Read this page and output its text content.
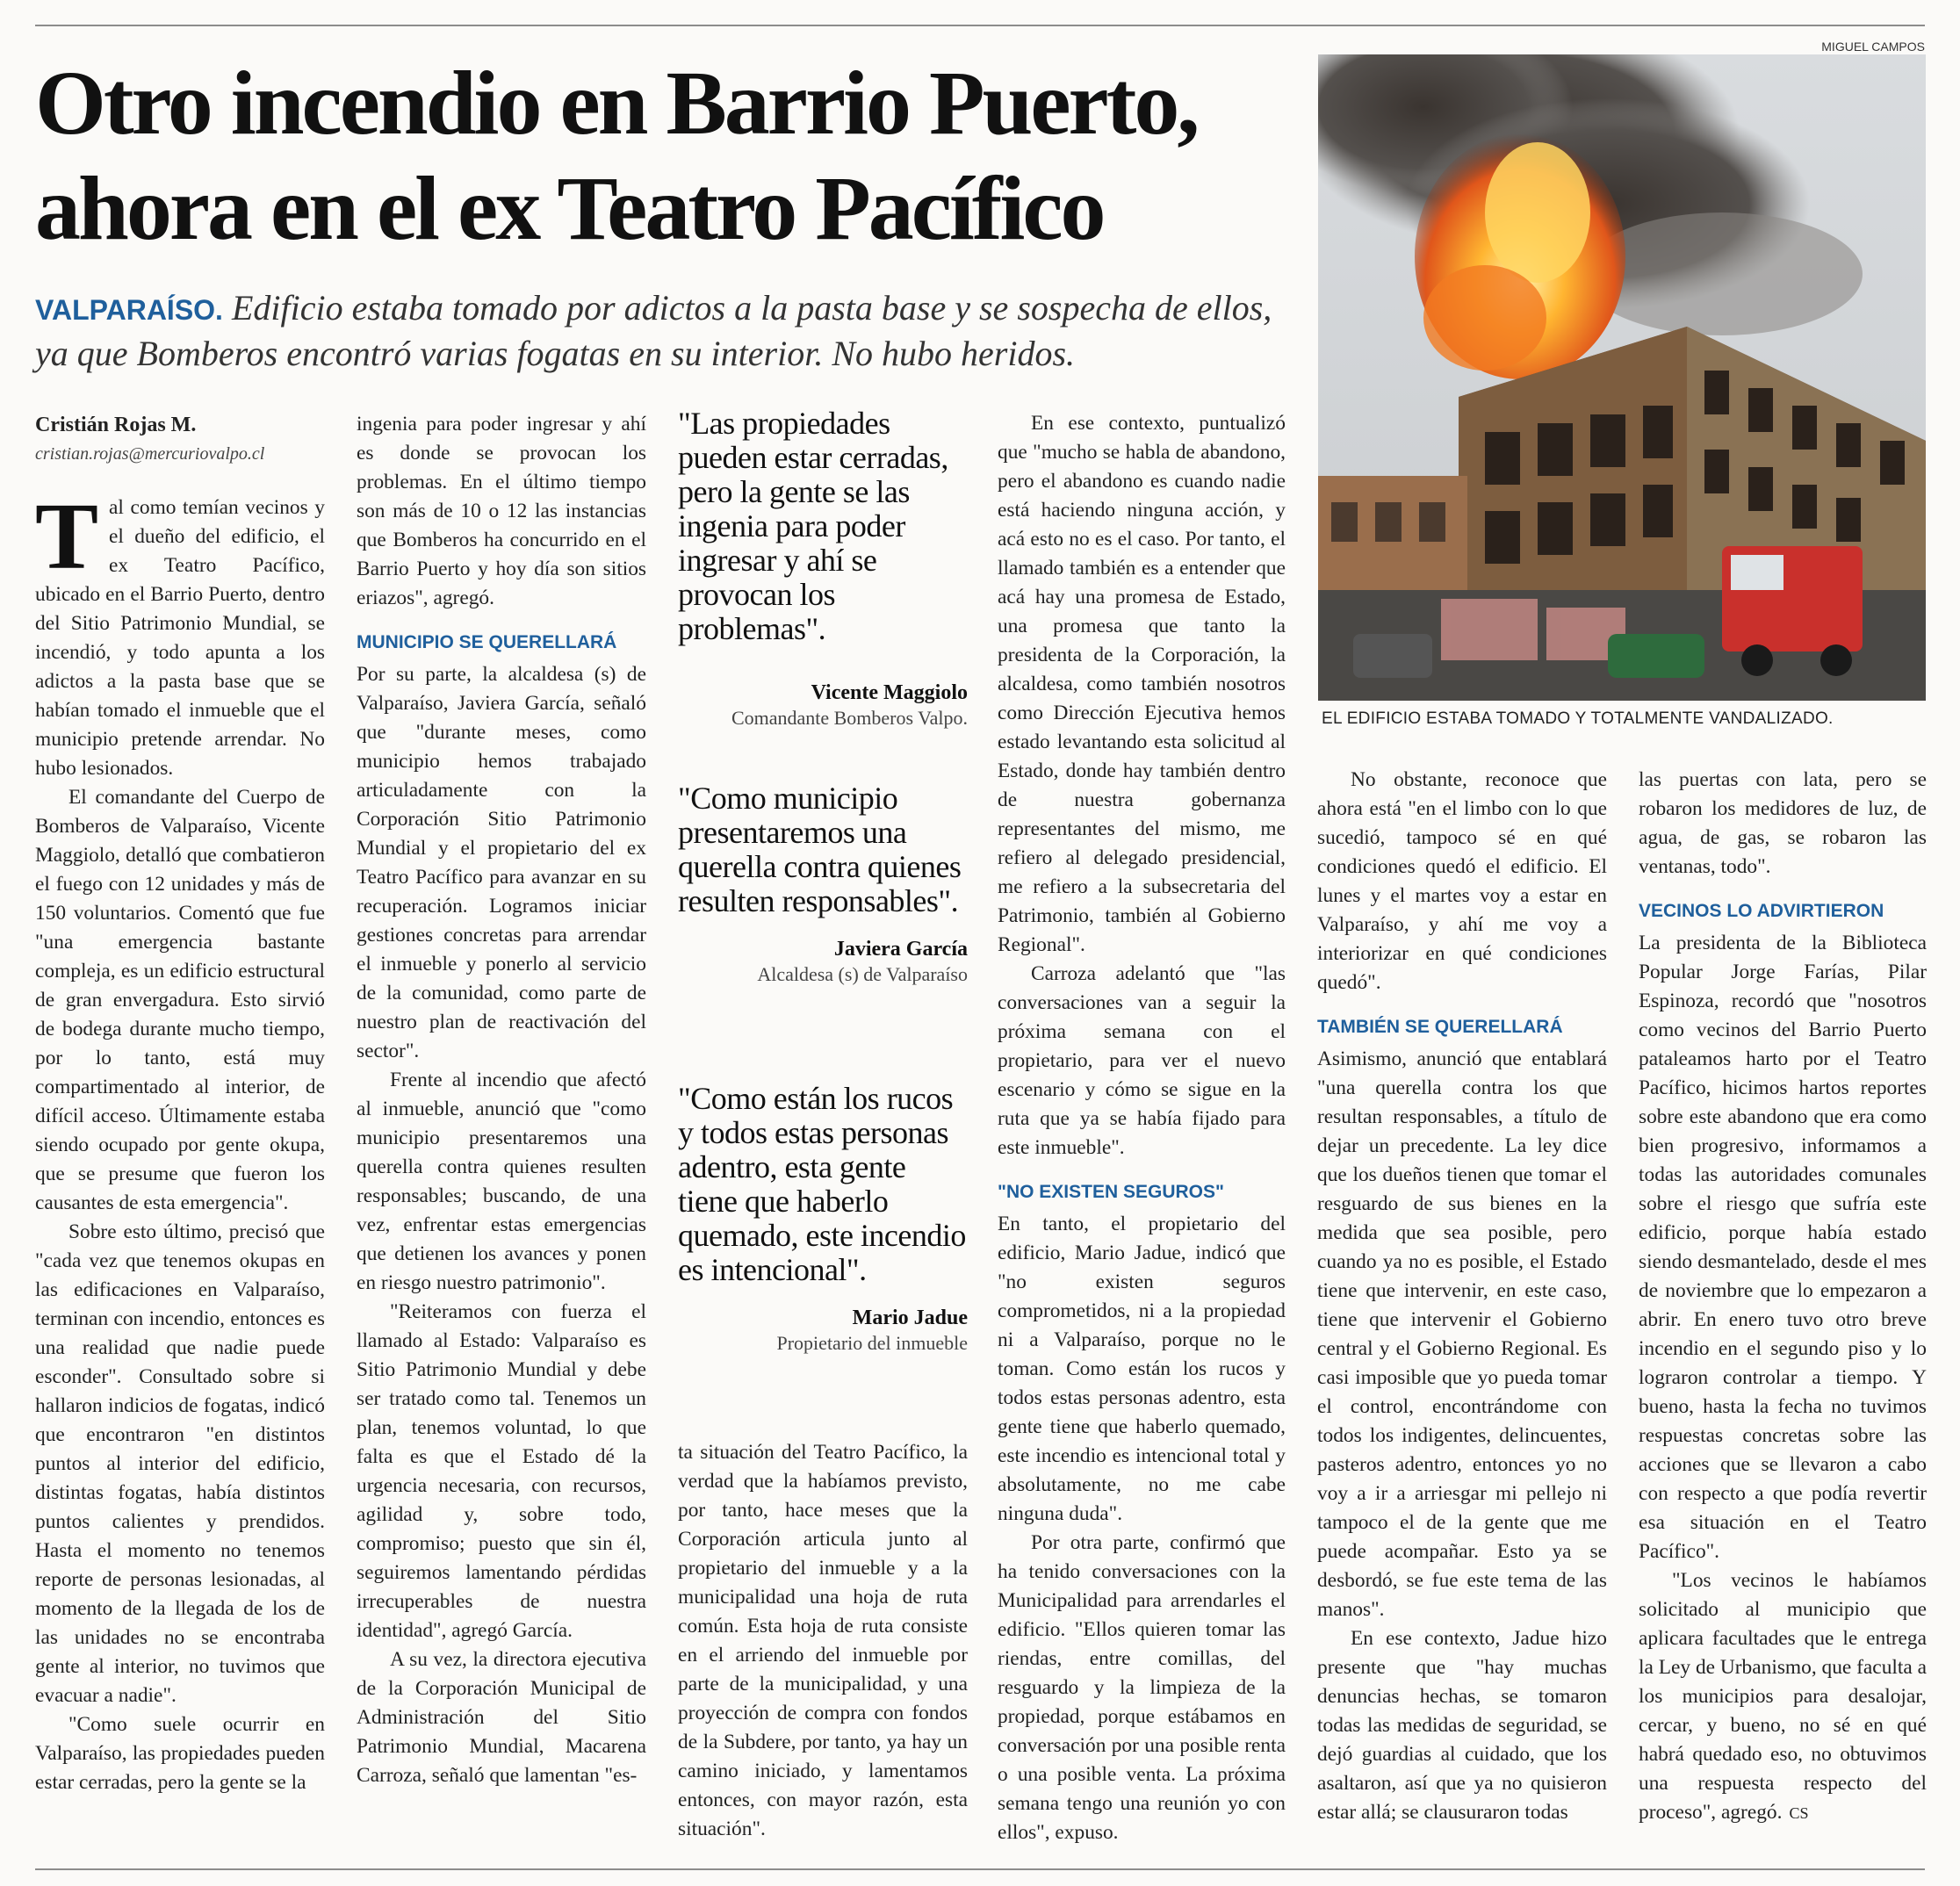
Otro incendio en Barrio Puerto, ahora en el ex Teatro Pacífico

VALPARAÍSO. Edificio estaba tomado por adictos a la pasta base y se sospecha de ellos, ya que Bomberos encontró varias fogatas en su interior. No hubo heridos.

MIGUEL CAMPOS
EL EDIFICIO ESTABA TOMADO Y TOTALMENTE VANDALIZADO.
Cristián Rojas M.
cristian.rojas@mercuriovalpo.cl

Tal como temían vecinos y el dueño del edificio, el ex Teatro Pacífico, ubicado en el Barrio Puerto, dentro del Sitio Patrimonio Mundial, se incendió, y todo apunta a los adictos a la pasta base que se habían tomado el inmueble que el municipio pretende arrendar. No hubo lesionados.

El comandante del Cuerpo de Bomberos de Valparaíso, Vicente Maggiolo, detalló que combatieron el fuego con 12 unidades y más de 150 voluntarios. Comentó que fue "una emergencia bastante compleja, es un edificio estructural de gran envergadura. Esto sirvió de bodega durante mucho tiempo, por lo tanto, está muy compartimentado al interior, de difícil acceso. Últimamente estaba siendo ocupado por gente okupa, que se presume que fueron los causantes de esta emergencia".

Sobre esto último, precisó que "cada vez que tenemos okupas en las edificaciones en Valparaíso, terminan con incendio, entonces es una realidad que nadie puede esconder". Consultado sobre si hallaron indicios de fogatas, indicó que encontraron "en distintos puntos al interior del edificio, distintas fogatas, había distintos puntos calientes y prendidos. Hasta el momento no tenemos reporte de personas lesionadas, al momento de la llegada de los de las unidades no se encontraba gente al interior, no tuvimos que evacuar a nadie".

"Como suele ocurrir en Valparaíso, las propiedades pueden estar cerradas, pero la gente se la

ingenia para poder ingresar y ahí es donde se provocan los problemas. En el último tiempo son más de 10 o 12 las instancias que Bomberos ha concurrido en el Barrio Puerto y hoy día son sitios eriazos", agregó.

MUNICIPIO SE QUERELLARÁ

Por su parte, la alcaldesa (s) de Valparaíso, Javiera García, señaló que "durante meses, como municipio hemos trabajado articuladamente con la Corporación Sitio Patrimonio Mundial y el propietario del ex Teatro Pacífico para avanzar en su recuperación. Logramos iniciar gestiones concretas para arrendar el inmueble y ponerlo al servicio de la comunidad, como parte de nuestro plan de reactivación del sector".

Frente al incendio que afectó al inmueble, anunció que "como municipio presentaremos una querella contra quienes resulten responsables; buscando, de una vez, enfrentar estas emergencias que detienen los avances y ponen en riesgo nuestro patrimonio".

"Reiteramos con fuerza el llamado al Estado: Valparaíso es Sitio Patrimonio Mundial y debe ser tratado como tal. Tenemos un plan, tenemos voluntad, lo que falta es que el Estado dé la urgencia necesaria, con recursos, agilidad y, sobre todo, compromiso; puesto que sin él, seguiremos lamentando pérdidas irrecuperables de nuestra identidad", agregó García.

A su vez, la directora ejecutiva de la Corporación Municipal de Administración del Sitio Patrimonio Mundial, Macarena Carroza, señaló que lamentan "es-

"Las propiedades pueden estar cerradas, pero la gente se las ingenia para poder ingresar y ahí se provocan los problemas".
Vicente Maggiolo
Comandante Bomberos Valpo.
"Como municipio presentaremos una querella contra quienes resulten responsables".
Javiera García
Alcaldesa (s) de Valparaíso
"Como están los rucos y todos estas personas adentro, esta gente tiene que haberlo quemado, este incendio es intencional".
Mario Jadue
Propietario del inmueble

ta situación del Teatro Pacífico, la verdad que la habíamos previsto, por tanto, hace meses que la Corporación articula junto al propietario del inmueble y a la municipalidad una hoja de ruta común. Esta hoja de ruta consiste en el arriendo del inmueble por parte de la municipalidad, y una proyección de compra con fondos de la Subdere, por tanto, ya hay un camino iniciado, y lamentamos entonces, con mayor razón, esta situación".

En ese contexto, puntualizó que "mucho se habla de abandono, pero el abandono es cuando nadie está haciendo ninguna acción, y acá esto no es el caso. Por tanto, el llamado también es a entender que acá hay una promesa de Estado, una promesa que tanto la presidenta de la Corporación, la alcaldesa, como también nosotros como Dirección Ejecutiva hemos estado levantando esta solicitud al Estado, donde hay también dentro de nuestra gobernanza representantes del mismo, me refiero al delegado presidencial, me refiero a la subsecretaria del Patrimonio, también al Gobierno Regional".

Carroza adelantó que "las conversaciones van a seguir la próxima semana con el propietario, para ver el nuevo escenario y cómo se sigue en la ruta que ya se había fijado para este inmueble".

"NO EXISTEN SEGUROS"

En tanto, el propietario del edificio, Mario Jadue, indicó que "no existen seguros comprometidos, ni a la propiedad ni a Valparaíso, porque no le toman. Como están los rucos y todos estas personas adentro, esta gente tiene que haberlo quemado, este incendio es intencional total y absolutamente, no me cabe ninguna duda".

Por otra parte, confirmó que ha tenido conversaciones con la Municipalidad para arrendarles el edificio. "Ellos quieren tomar las riendas, entre comillas, del resguardo y la limpieza de la propiedad, porque estábamos en conversación por una posible renta o una posible venta. La próxima semana tengo una reunión yo con ellos", expuso.

No obstante, reconoce que ahora está "en el limbo con lo que sucedió, tampoco sé en qué condiciones quedó el edificio. El lunes y el martes voy a estar en Valparaíso, y ahí me voy a interiorizar en qué condiciones quedó".

TAMBIÉN SE QUERELLARÁ

Asimismo, anunció que entablará "una querella contra los que resultan responsables, a título de dejar un precedente. La ley dice que los dueños tienen que tomar el resguardo de sus bienes en la medida que sea posible, pero cuando ya no es posible, el Estado tiene que intervenir, en este caso, tiene que intervenir el Gobierno central y el Gobierno Regional. Es casi imposible que yo pueda tomar el control, encontrándome con todos los indigentes, delincuentes, pasteros adentro, entonces yo no voy a ir a arriesgar mi pellejo ni tampoco el de la gente que me puede acompañar. Esto ya se desbordó, se fue este tema de las manos".

En ese contexto, Jadue hizo presente que "hay muchas denuncias hechas, se tomaron todas las medidas de seguridad, se dejó guardias al cuidado, que los asaltaron, así que ya no quisieron estar allá; se clausuraron todas

las puertas con lata, pero se robaron los medidores de luz, de agua, de gas, se robaron las ventanas, todo".

VECINOS LO ADVIRTIERON

La presidenta de la Biblioteca Popular Jorge Farías, Pilar Espinoza, recordó que "nosotros como vecinos del Barrio Puerto pataleamos harto por el Teatro Pacífico, hicimos hartos reportes sobre este abandono que era como bien progresivo, informamos a todas las autoridades comunales sobre el riesgo que sufría este edificio, porque había estado siendo desmantelado, desde el mes de noviembre que lo empezaron a abrir. En enero tuvo otro breve incendio en el segundo piso y lo lograron controlar a tiempo. Y bueno, hasta la fecha no tuvimos respuestas concretas sobre las acciones que se llevaron a cabo con respecto a que podía revertir esa situación en el Teatro Pacífico".

"Los vecinos le habíamos solicitado al municipio que aplicara facultades que le entrega la Ley de Urbanismo, que faculta a los municipios para desalojar, cercar, y bueno, no sé en qué habrá quedado eso, no obtuvimos una respuesta respecto del proceso", agregó. CS
